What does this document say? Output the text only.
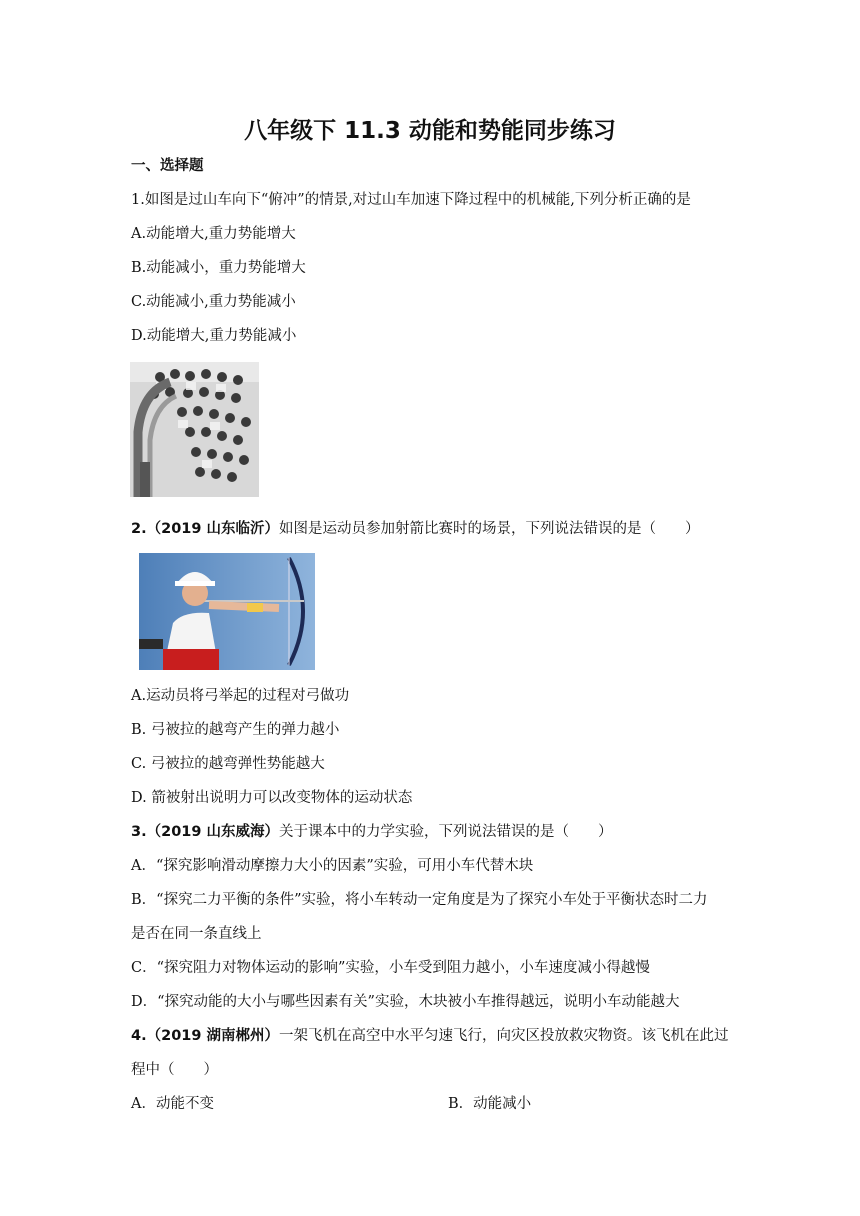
八年级下 11.3 动能和势能同步练习
一、选择题
1.如图是过山车向下“俯冲”的情景,对过山车加速下降过程中的机械能,下列分析正确的是
A.动能增大,重力势能增大
B.动能减小，重力势能增大
C.动能减小,重力势能减小
D.动能增大,重力势能减小
2.（2019 山东临沂）如图是运动员参加射箭比赛时的场景，下列说法错误的是（　　）
A.运动员将弓举起的过程对弓做功
B. 弓被拉的越弯产生的弹力越小
C. 弓被拉的越弯弹性势能越大
D. 箭被射出说明力可以改变物体的运动状态
3.（2019 山东威海）关于课本中的力学实验，下列说法错误的是（　　）
A．“探究影响滑动摩擦力大小的因素”实验，可用小车代替木块
B．“探究二力平衡的条件”实验，将小车转动一定角度是为了探究小车处于平衡状态时二力
是否在同一条直线上
C．“探究阻力对物体运动的影响”实验，小车受到阻力越小，小车速度减小得越慢
D．“探究动能的大小与哪些因素有关”实验，木块被小车推得越远，说明小车动能越大
4.（2019 湖南郴州）一架飞机在高空中水平匀速飞行，向灾区投放救灾物资。该飞机在此过
程中（　　）
A．动能不变	B．动能减小
